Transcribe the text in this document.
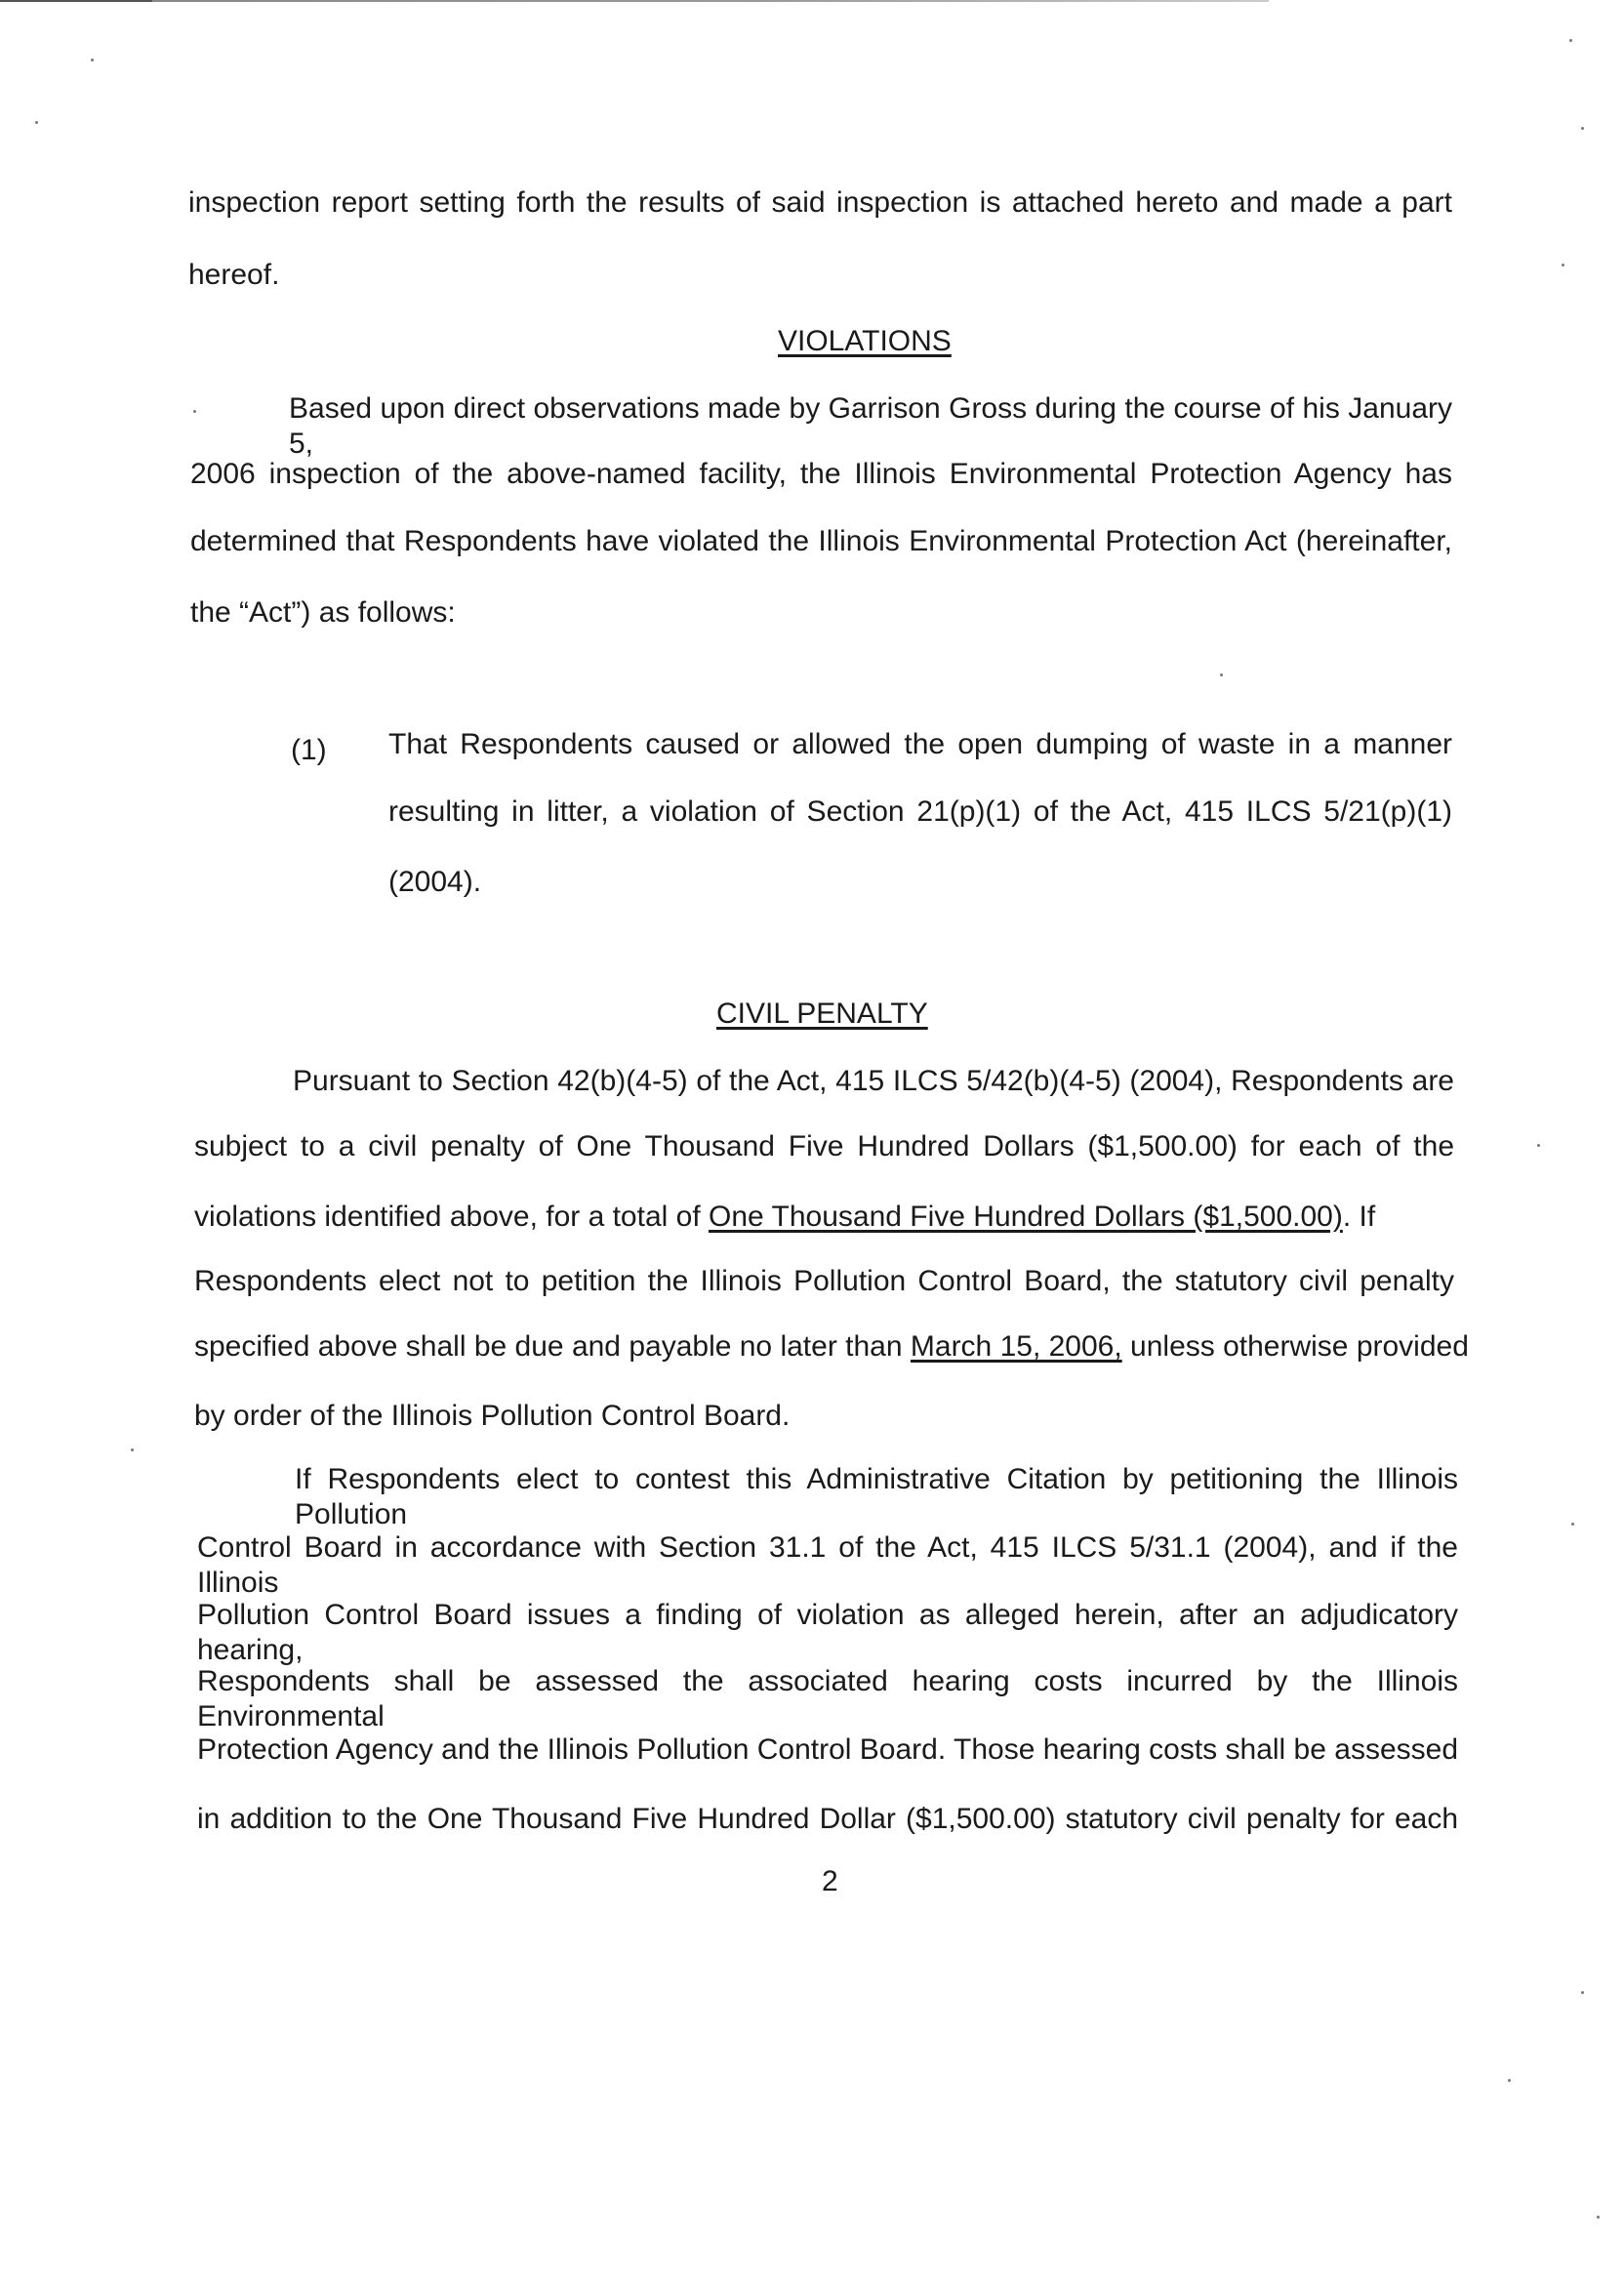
inspection report setting forth the results of said inspection is attached hereto and made a part
hereof.
VIOLATIONS
Based upon direct observations made by Garrison Gross during the course of his January 5,
2006 inspection of the above-named facility, the Illinois Environmental Protection Agency has
determined that Respondents have violated the Illinois Environmental Protection Act (hereinafter,
the “Act”) as follows:
(1) That Respondents caused or allowed the open dumping of waste in a manner
resulting in litter, a violation of Section 21(p)(1) of the Act, 415 ILCS 5/21(p)(1)
(2004).
CIVIL PENALTY
Pursuant to Section 42(b)(4-5) of the Act, 415 ILCS 5/42(b)(4-5) (2004), Respondents are
subject to a civil penalty of One Thousand Five Hundred Dollars ($1,500.00) for each of the
violations identified above, for a total of One Thousand Five Hundred Dollars ($1,500.00). If
Respondents elect not to petition the Illinois Pollution Control Board, the statutory civil penalty
specified above shall be due and payable no later than March 15, 2006, unless otherwise provided
by order of the Illinois Pollution Control Board.
If Respondents elect to contest this Administrative Citation by petitioning the Illinois Pollution
Control Board in accordance with Section 31.1 of the Act, 415 ILCS 5/31.1 (2004), and if the Illinois
Pollution Control Board issues a finding of violation as alleged herein, after an adjudicatory hearing,
Respondents shall be assessed the associated hearing costs incurred by the Illinois Environmental
Protection Agency and the Illinois Pollution Control Board. Those hearing costs shall be assessed
in addition to the One Thousand Five Hundred Dollar ($1,500.00) statutory civil penalty for each
2
